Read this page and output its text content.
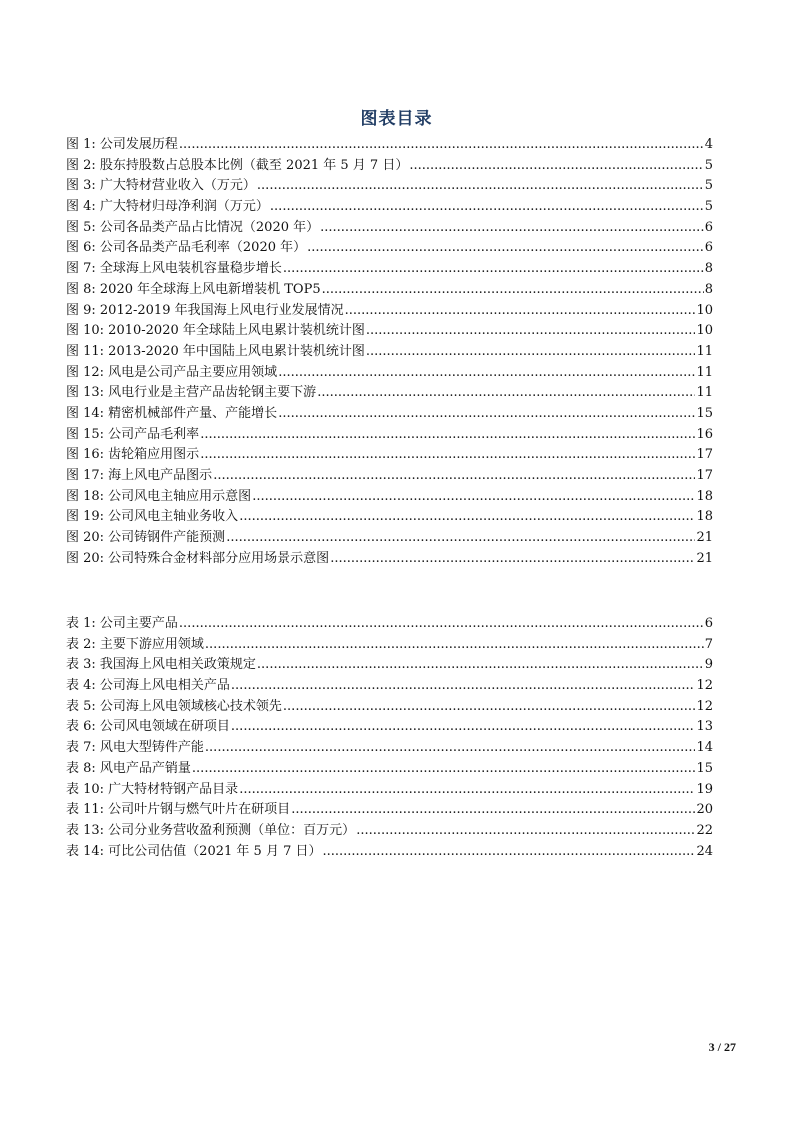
图表目录
图 1: 公司发展历程 .....	4
图 2: 股东持股数占总股本比例（截至 2021 年 5 月 7 日） .....	5
图 3: 广大特材营业收入（万元） .....	5
图 4: 广大特材归母净利润（万元） .....	5
图 5: 公司各品类产品占比情况（2020 年） .....	6
图 6: 公司各品类产品毛利率（2020 年） .....	6
图 7: 全球海上风电装机容量稳步增长 .....	8
图 8: 2020 年全球海上风电新增装机 TOP5 .....	8
图 9: 2012-2019 年我国海上风电行业发展情况 .....	10
图 10: 2010-2020 年全球陆上风电累计装机统计图 .....	10
图 11: 2013-2020 年中国陆上风电累计装机统计图 .....	11
图 12: 风电是公司产品主要应用领域 .....	11
图 13: 风电行业是主营产品齿轮钢主要下游 .....	11
图 14: 精密机械部件产量、产能增长 .....	15
图 15: 公司产品毛利率 .....	16
图 16: 齿轮箱应用图示 .....	17
图 17: 海上风电产品图示 .....	17
图 18: 公司风电主轴应用示意图 .....	18
图 19: 公司风电主轴业务收入 .....	18
图 20: 公司铸钢件产能预测 .....	21
图 20: 公司特殊合金材料部分应用场景示意图 .....	21
表 1: 公司主要产品 .....	6
表 2: 主要下游应用领域 .....	7
表 3: 我国海上风电相关政策规定 .....	9
表 4: 公司海上风电相关产品 .....	12
表 5: 公司海上风电领域核心技术领先 .....	12
表 6: 公司风电领域在研项目 .....	13
表 7: 风电大型铸件产能 .....	14
表 8: 风电产品产销量 .....	15
表 10: 广大特材特钢产品目录 .....	19
表 11: 公司叶片钢与燃气叶片在研项目 .....	20
表 13: 公司分业务营收盈利预测（单位：百万元） .....	22
表 14: 可比公司估值（2021 年 5 月 7 日） .....	24
3 / 27
